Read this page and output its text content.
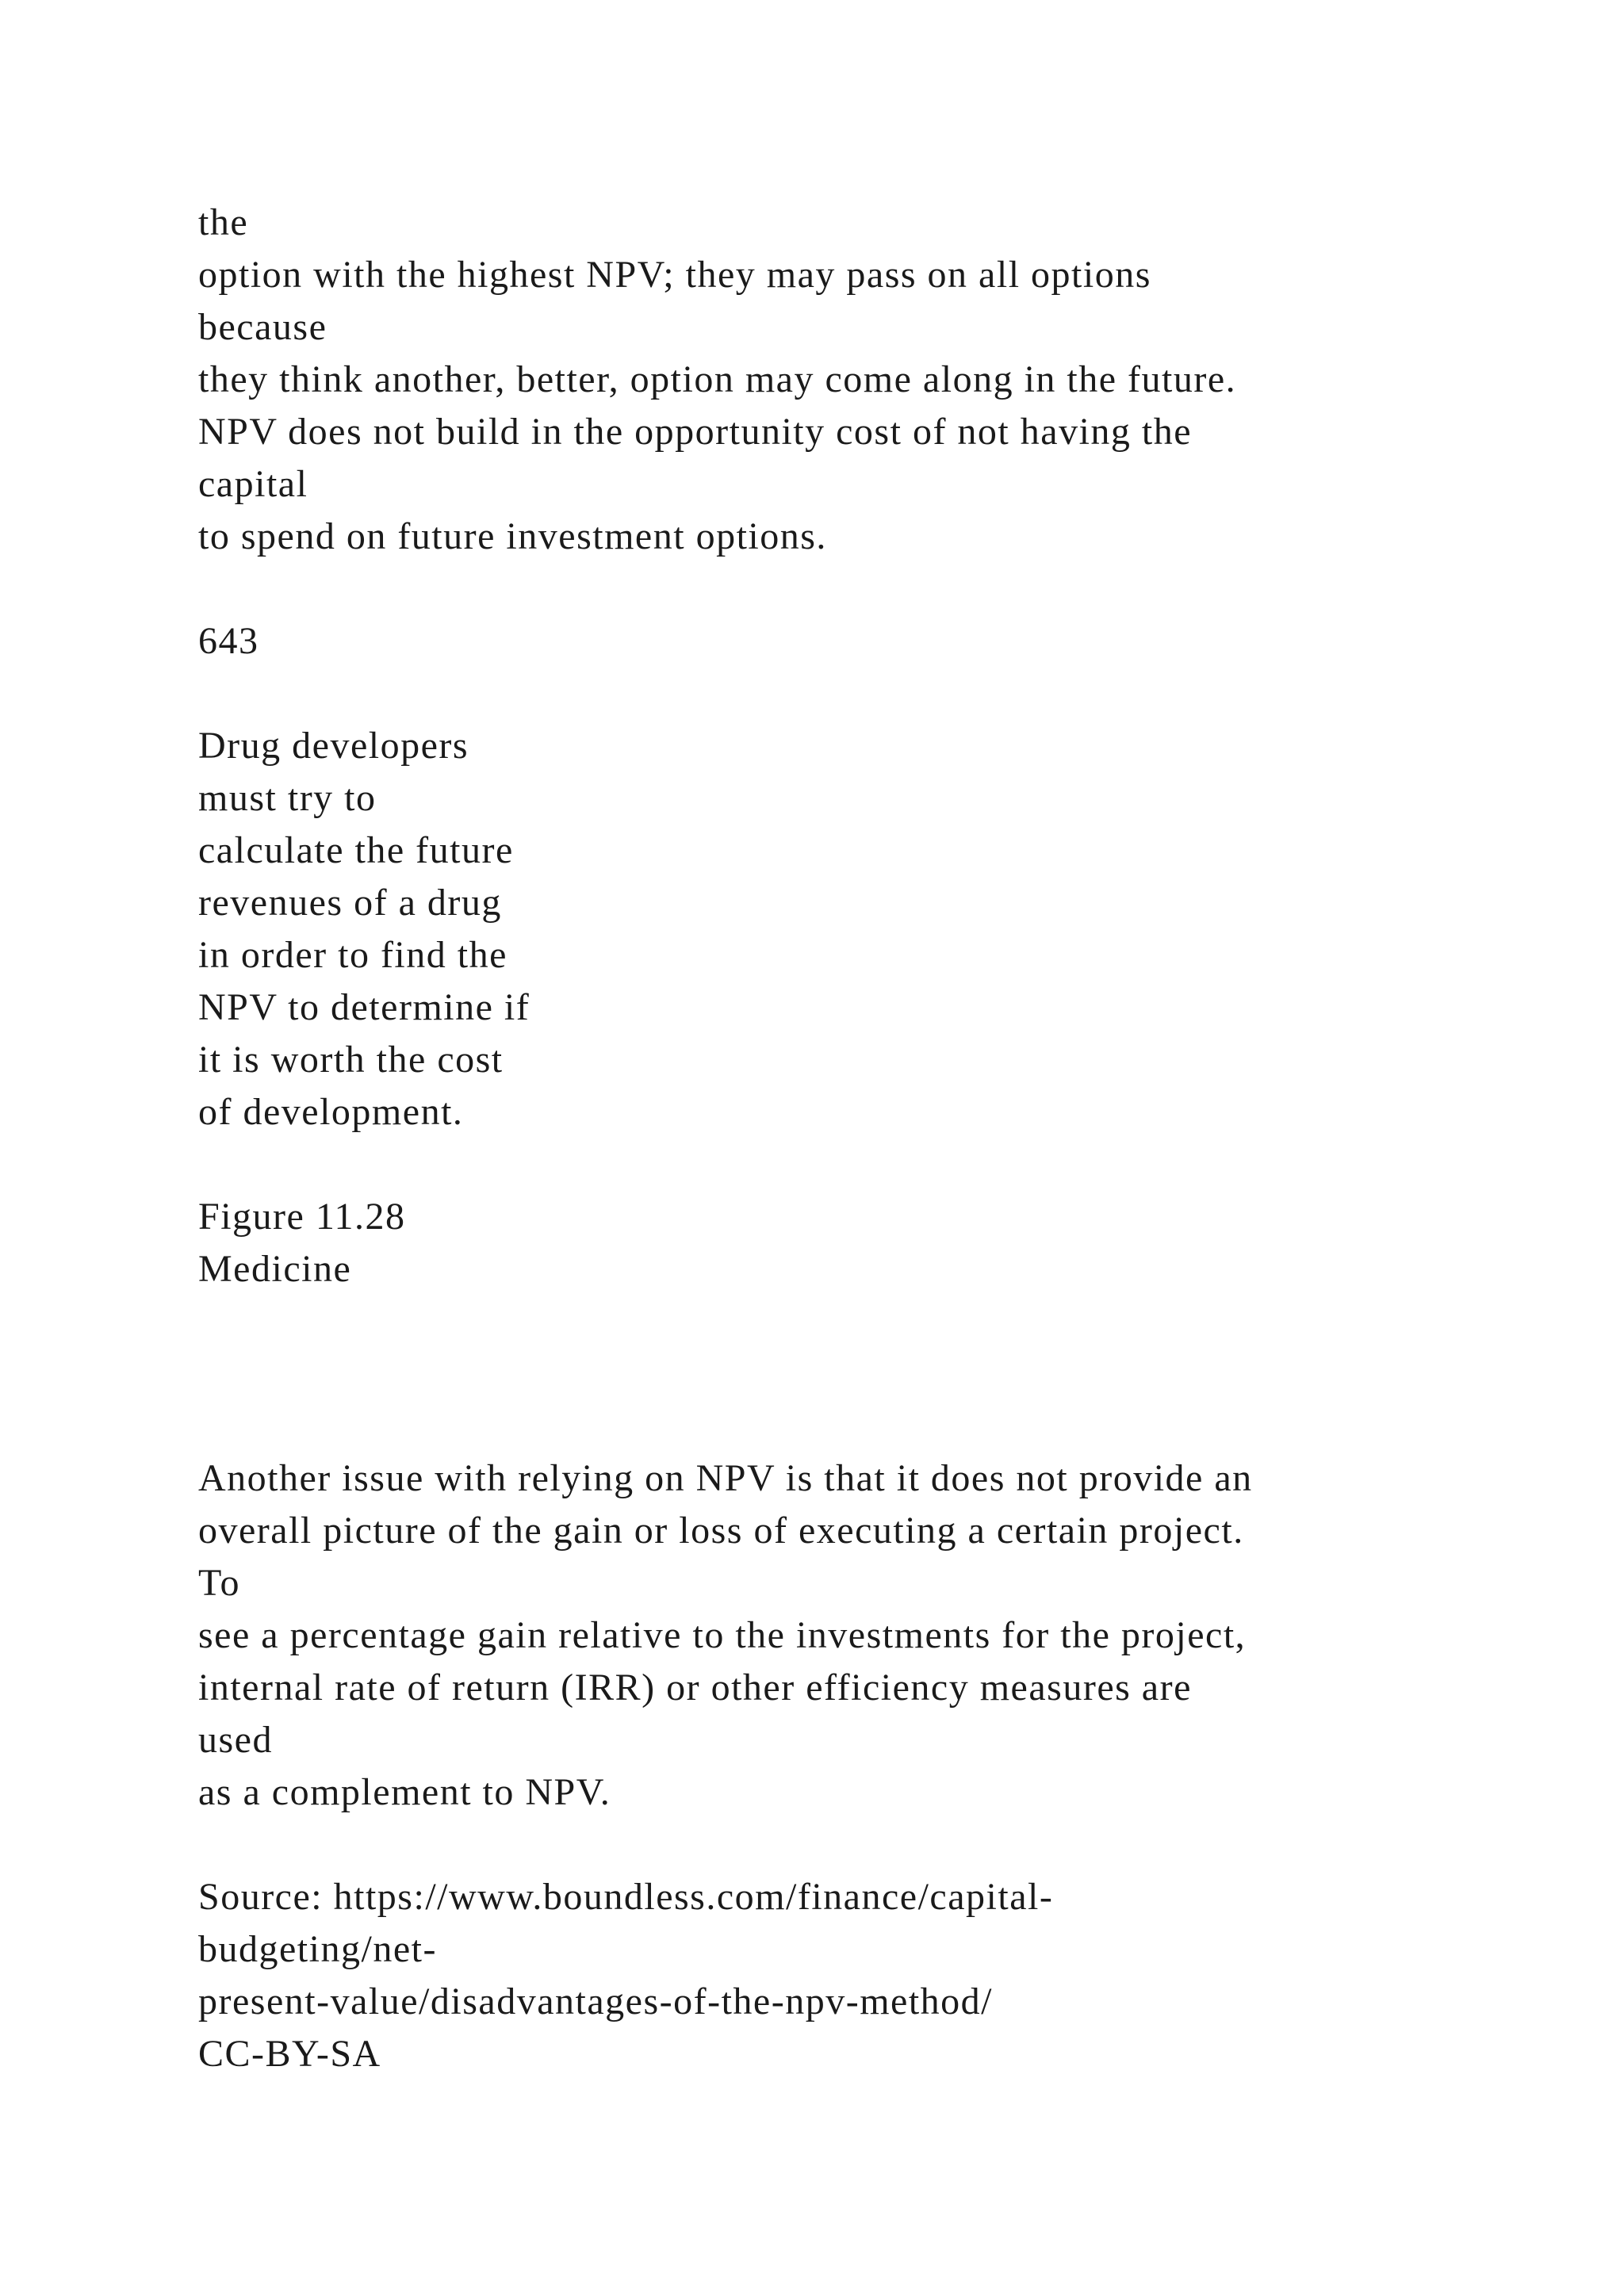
the
option with the highest NPV; they may pass on all options
because
they think another, better, option may come along in the future.
NPV does not build in the opportunity cost of not having the
capital
to spend on future investment options.
643
Drug developers
must try to
calculate the future
revenues of a drug
in order to find the
NPV to determine if
it is worth the cost
of development.
Figure 11.28
Medicine
Another issue with relying on NPV is that it does not provide an
overall picture of the gain or loss of executing a certain project.
To
see a percentage gain relative to the investments for the project,
internal rate of return (IRR) or other efficiency measures are
used
as a complement to NPV.
Source: https://www.boundless.com/finance/capital-
budgeting/net-
present-value/disadvantages-of-the-npv-method/
CC-BY-SA
